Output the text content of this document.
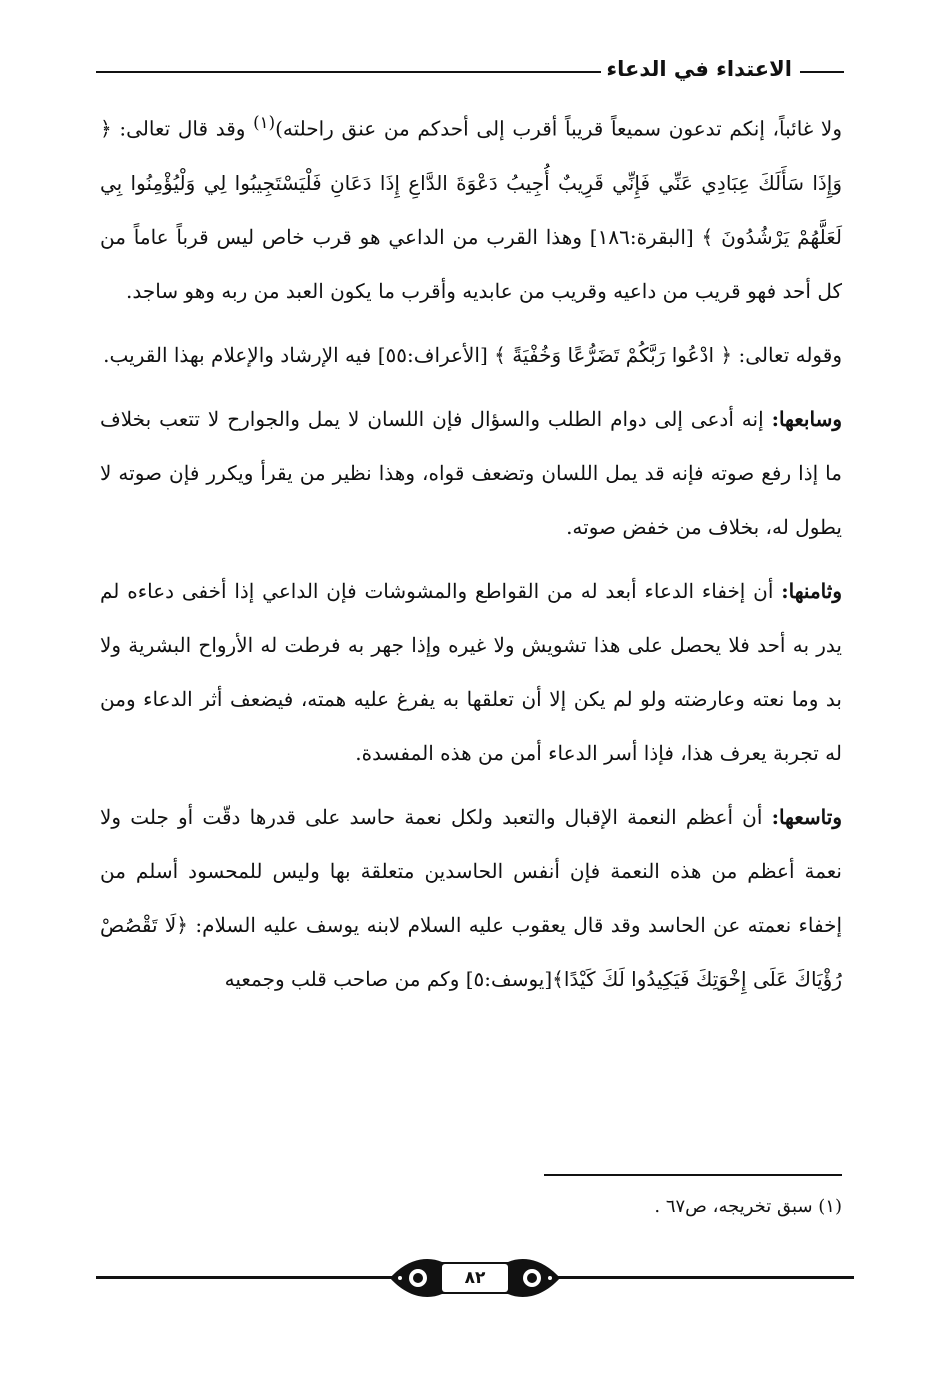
الاعتداء في الدعاء

ولا غائباً، إنكم تدعون سميعاً قريباً أقرب إلى أحدكم من عنق راحلته)$^{(١)}$ وقد قال تعالى: ﴿ وَإِذَا سَأَلَكَ عِبَادِي عَنِّي فَإِنِّي قَرِيبٌ أُجِيبُ دَعْوَةَ الدَّاعِ إِذَا دَعَانِ فَلْيَسْتَجِيبُوا لِي وَلْيُؤْمِنُوا بِي لَعَلَّهُمْ يَرْشُدُونَ ﴾ [البقرة:١٨٦] وهذا القرب من الداعي هو قرب خاص ليس قرباً عاماً من كل أحد فهو قريب من داعيه وقريب من عابديه وأقرب ما يكون العبد من ربه وهو ساجد.

وقوله تعالى: ﴿ ادْعُوا رَبَّكُمْ تَضَرُّعًا وَخُفْيَةً ﴾ [الأعراف:٥٥] فيه الإرشاد والإعلام بهذا القريب.

وسابعها: إنه أدعى إلى دوام الطلب والسؤال فإن اللسان لا يمل والجوارح لا تتعب بخلاف ما إذا رفع صوته فإنه قد يمل اللسان وتضعف قواه، وهذا نظير من يقرأ ويكرر فإن صوته لا يطول له، بخلاف من خفض صوته.

وثامنها: أن إخفاء الدعاء أبعد له من القواطع والمشوشات فإن الداعي إذا أخفى دعاءه لم يدر به أحد فلا يحصل على هذا تشويش ولا غيره وإذا جهر به فرطت له الأرواح البشرية ولا بد وما نعته وعارضته ولو لم يكن إلا أن تعلقها به يفرغ عليه همته، فيضعف أثر الدعاء ومن له تجربة يعرف هذا، فإذا أسر الدعاء أمن من هذه المفسدة.

وتاسعها: أن أعظم النعمة الإقبال والتعبد ولكل نعمة حاسد على قدرها دقّت أو جلت ولا نعمة أعظم من هذه النعمة فإن أنفس الحاسدين متعلقة بها وليس للمحسود أسلم من إخفاء نعمته عن الحاسد وقد قال يعقوب عليه السلام لابنه يوسف عليه السلام: ﴿لَا تَقْصُصْ رُؤْيَاكَ عَلَى إِخْوَتِكَ فَيَكِيدُوا لَكَ كَيْدًا﴾[يوسف:٥] وكم من صاحب قلب وجمعيه

(١) سبق تخريجه، ص٦٧ .
٨٢
